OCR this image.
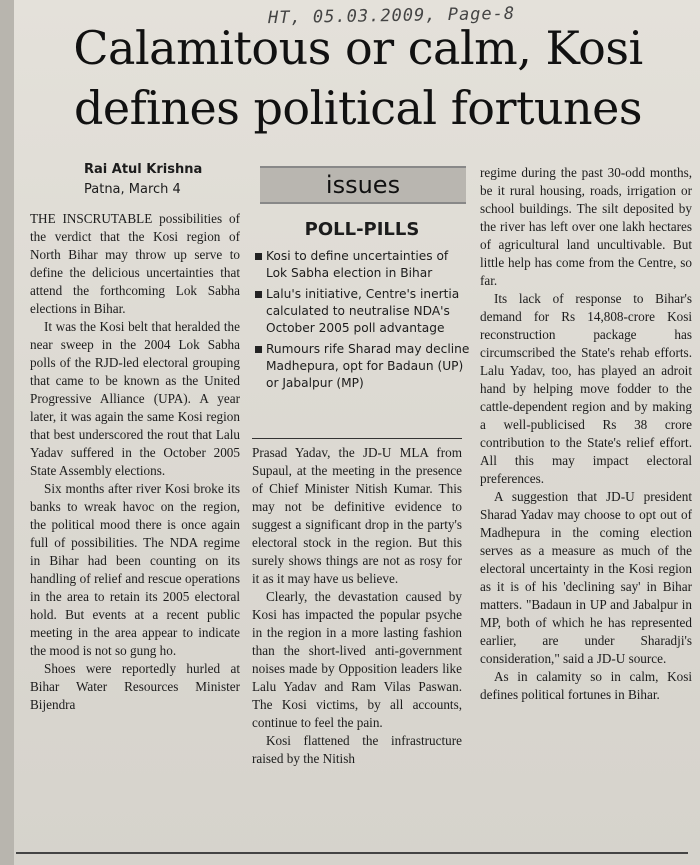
HT, 05.03.2009, Page-8
Calamitous or calm, Kosi defines political fortunes
Rai Atul Krishna
Patna, March 4

THE INSCRUTABLE possibilities of the verdict that the Kosi region of North Bihar may throw up serve to define the delicious uncertainties that attend the forthcoming Lok Sabha elections in Bihar.

It was the Kosi belt that heralded the near sweep in the 2004 Lok Sabha polls of the RJD-led electoral grouping that came to be known as the United Progressive Alliance (UPA). A year later, it was again the same Kosi region that best underscored the rout that Lalu Yadav suffered in the October 2005 State Assembly elections.

Six months after river Kosi broke its banks to wreak havoc on the region, the political mood there is once again full of possibilities. The NDA regime in Bihar had been counting on its handling of relief and rescue operations in the area to retain its 2005 electoral hold. But events at a recent public meeting in the area appear to indicate the mood is not so gung ho.

Shoes were reportedly hurled at Bihar Water Resources Minister Bijendra

issues
POLL-PILLS
Kosi to define uncertainties of Lok Sabha election in Bihar
Lalu's initiative, Centre's inertia calculated to neutralise NDA's October 2005 poll advantage
Rumours rife Sharad may decline Madhepura, opt for Badaun (UP) or Jabalpur (MP)

Prasad Yadav, the JD-U MLA from Supaul, at the meeting in the presence of Chief Minister Nitish Kumar. This may not be definitive evidence to suggest a significant drop in the party's electoral stock in the region. But this surely shows things are not as rosy for it as it may have us believe.

Clearly, the devastation caused by Kosi has impacted the popular psyche in the region in a more lasting fashion than the short-lived anti-government noises made by Opposition leaders like Lalu Yadav and Ram Vilas Paswan. The Kosi victims, by all accounts, continue to feel the pain.

Kosi flattened the infrastructure raised by the Nitish

regime during the past 30-odd months, be it rural housing, roads, irrigation or school buildings. The silt deposited by the river has left over one lakh hectares of agricultural land uncultivable. But little help has come from the Centre, so far.

Its lack of response to Bihar's demand for Rs 14,808-crore Kosi reconstruction package has circumscribed the State's rehab efforts. Lalu Yadav, too, has played an adroit hand by helping move fodder to the cattle-dependent region and by making a well-publicised Rs 38 crore contribution to the State's relief effort. All this may impact electoral preferences.

A suggestion that JD-U president Sharad Yadav may choose to opt out of Madhepura in the coming election serves as a measure as much of the electoral uncertainty in the Kosi region as it is of his 'declining say' in Bihar matters. "Badaun in UP and Jabalpur in MP, both of which he has represented earlier, are under Sharadji's consideration," said a JD-U source.

As in calamity so in calm, Kosi defines political fortunes in Bihar.
